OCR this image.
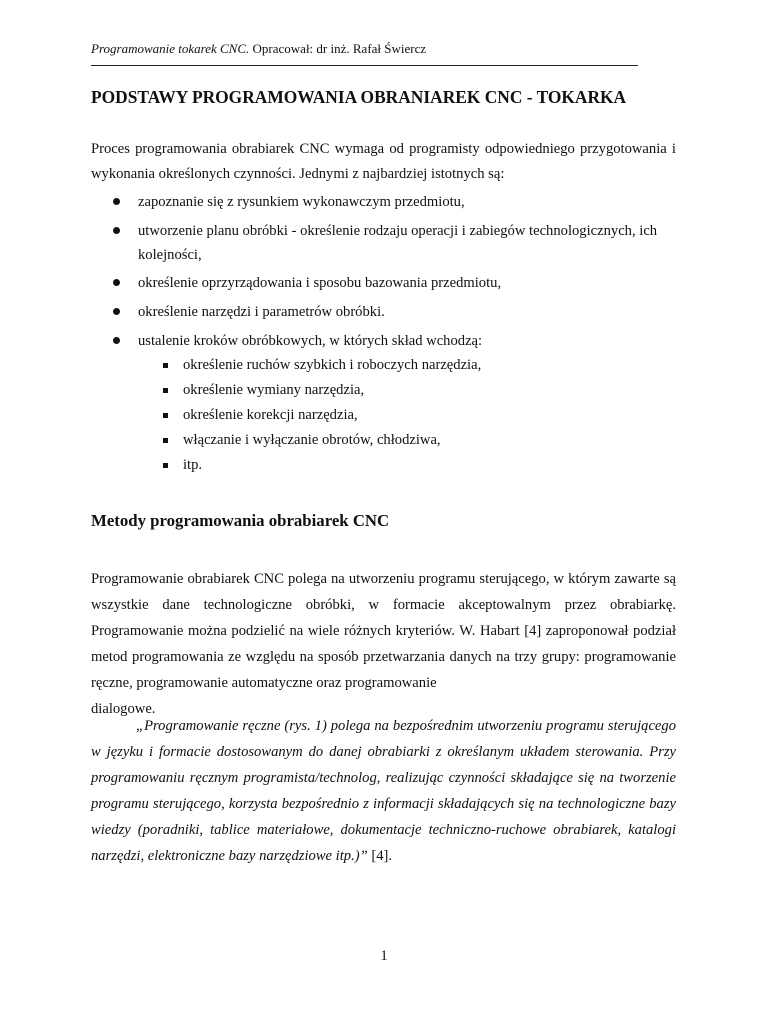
Programowanie tokarek CNC. Opracował: dr inż. Rafał Świercz
PODSTAWY PROGRAMOWANIA OBRANIAREK CNC - TOKARKA

Proces programowania obrabiarek CNC wymaga od programisty odpowiedniego przygotowania i wykonania określonych czynności. Jednymi z najbardziej istotnych są:

zapoznanie się z rysunkiem wykonawczym przedmiotu,
utworzenie planu obróbki - określenie rodzaju operacji i zabiegów technologicznych, ich kolejności,
określenie oprzyrządowania i sposobu bazowania przedmiotu,
określenie narzędzi i parametrów obróbki.
ustalenie kroków obróbkowych, w których skład wchodzą:
określenie ruchów szybkich i roboczych narzędzia,
określenie wymiany narzędzia,
określenie korekcji narzędzia,
włączanie i wyłączanie obrotów, chłodziwa,
itp.
Metody programowania obrabiarek CNC

Programowanie obrabiarek CNC polega na utworzeniu programu sterującego, w którym zawarte są wszystkie dane technologiczne obróbki, w formacie akceptowalnym przez obrabiarkę. Programowanie można podzielić na wiele różnych kryteriów. W. Habart [4] zaproponował podział metod programowania ze względu na sposób przetwarzania danych na trzy grupy: programowanie ręczne, programowanie automatyczne oraz programowanie
dialogowe.

„Programowanie ręczne (rys. 1) polega na bezpośrednim utworzeniu programu sterującego w języku i formacie dostosowanym do danej obrabiarki z określanym układem sterowania. Przy programowaniu ręcznym programista/technolog, realizując czynności składające się na tworzenie programu sterującego, korzysta bezpośrednio z informacji składających się na technologiczne bazy wiedzy (poradniki, tablice materiałowe, dokumentacje techniczno-ruchowe obrabiarek, katalogi narzędzi, elektroniczne bazy narzędziowe itp.)” [4].

1
